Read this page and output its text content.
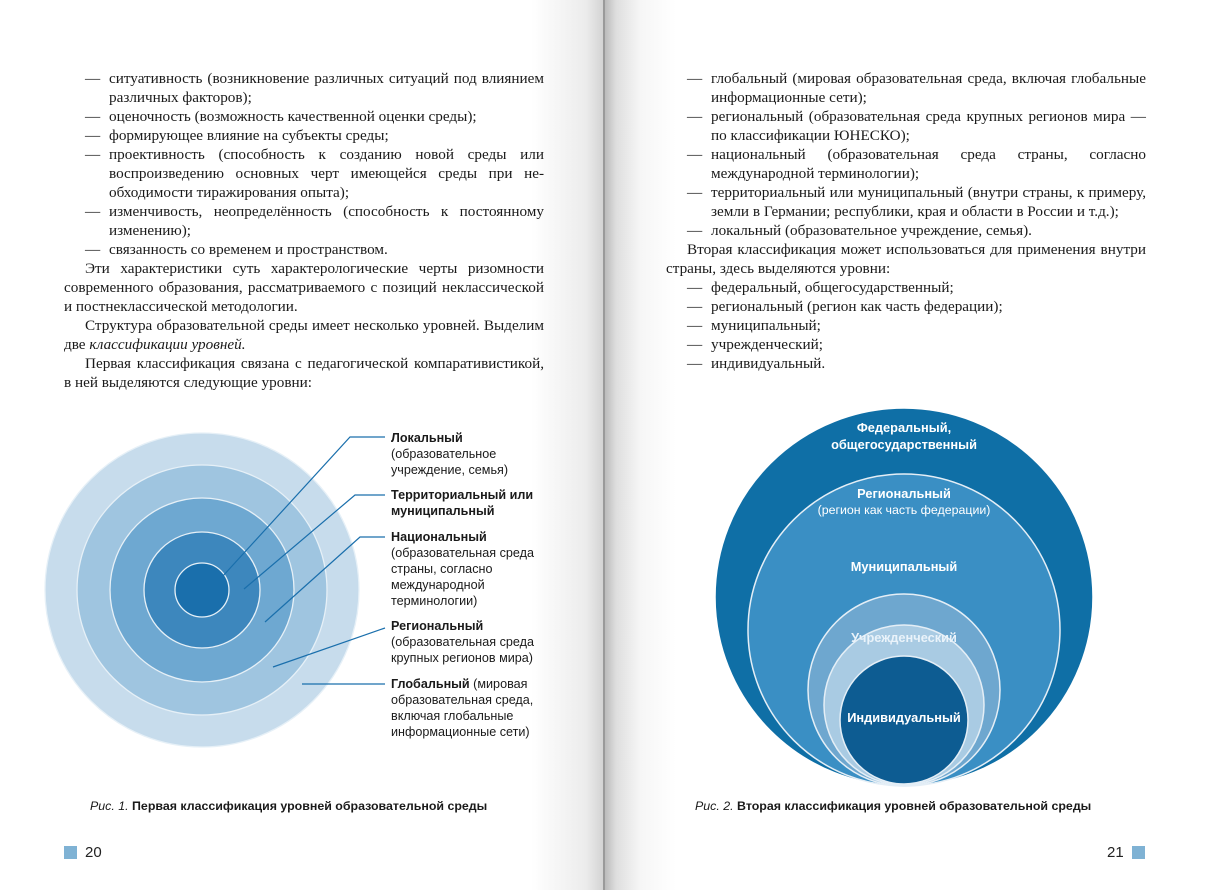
— ситуативность (возникновение различных ситуаций под влиянием различных факторов);
— оценочность (возможность качественной оценки среды);
— формирующее влияние на субъекты среды;
— проективность (способность к созданию новой среды или воспроизведению основных черт имеющейся среды при необходимости тиражирования опыта);
— изменчивость, неопределённость (способность к постоянному изменению);
— связанность со временем и пространством.

Эти характеристики суть характерологические черты ризомности современного образования, рассматриваемого с позиций неклассической и постнеклассической методологии.

Структура образовательной среды имеет несколько уровней. Выделим две классификации уровней.

Первая классификация связана с педагогической компаративистикой, в ней выделяются следующие уровни:

Локальный
(образовательное учреждение, семья)
Территориальный или муниципальный
Национальный
(образовательная среда страны, согласно международной терминологии)
Региональный
(образовательная среда крупных регионов мира)
Глобальный (мировая образовательная среда, включая глобальные информационные сети)
Рис. 1. Первая классификация уровней образовательной среды
20
— глобальный (мировая образовательная среда, включая глобальные информационные сети);
— региональный (образовательная среда крупных регионов мира — по классификации ЮНЕСКО);
— национальный (образовательная среда страны, согласно международной терминологии);
— территориальный или муниципальный (внутри страны, к примеру, земли в Германии; республики, края и области в России и т.д.);
— локальный (образовательное учреждение, семья).

Вторая классификация может использоваться для применения внутри страны, здесь выделяются уровни:

— федеральный, общегосударственный;
— региональный (регион как часть федерации);
— муниципальный;
— учрежденческий;
— индивидуальный.
Федеральный,
общегосударственный
Региональный
(регион как часть федерации)
Муниципальный
Учрежденческий
Индивидуальный
Рис. 2. Вторая классификация уровней образовательной среды
21
